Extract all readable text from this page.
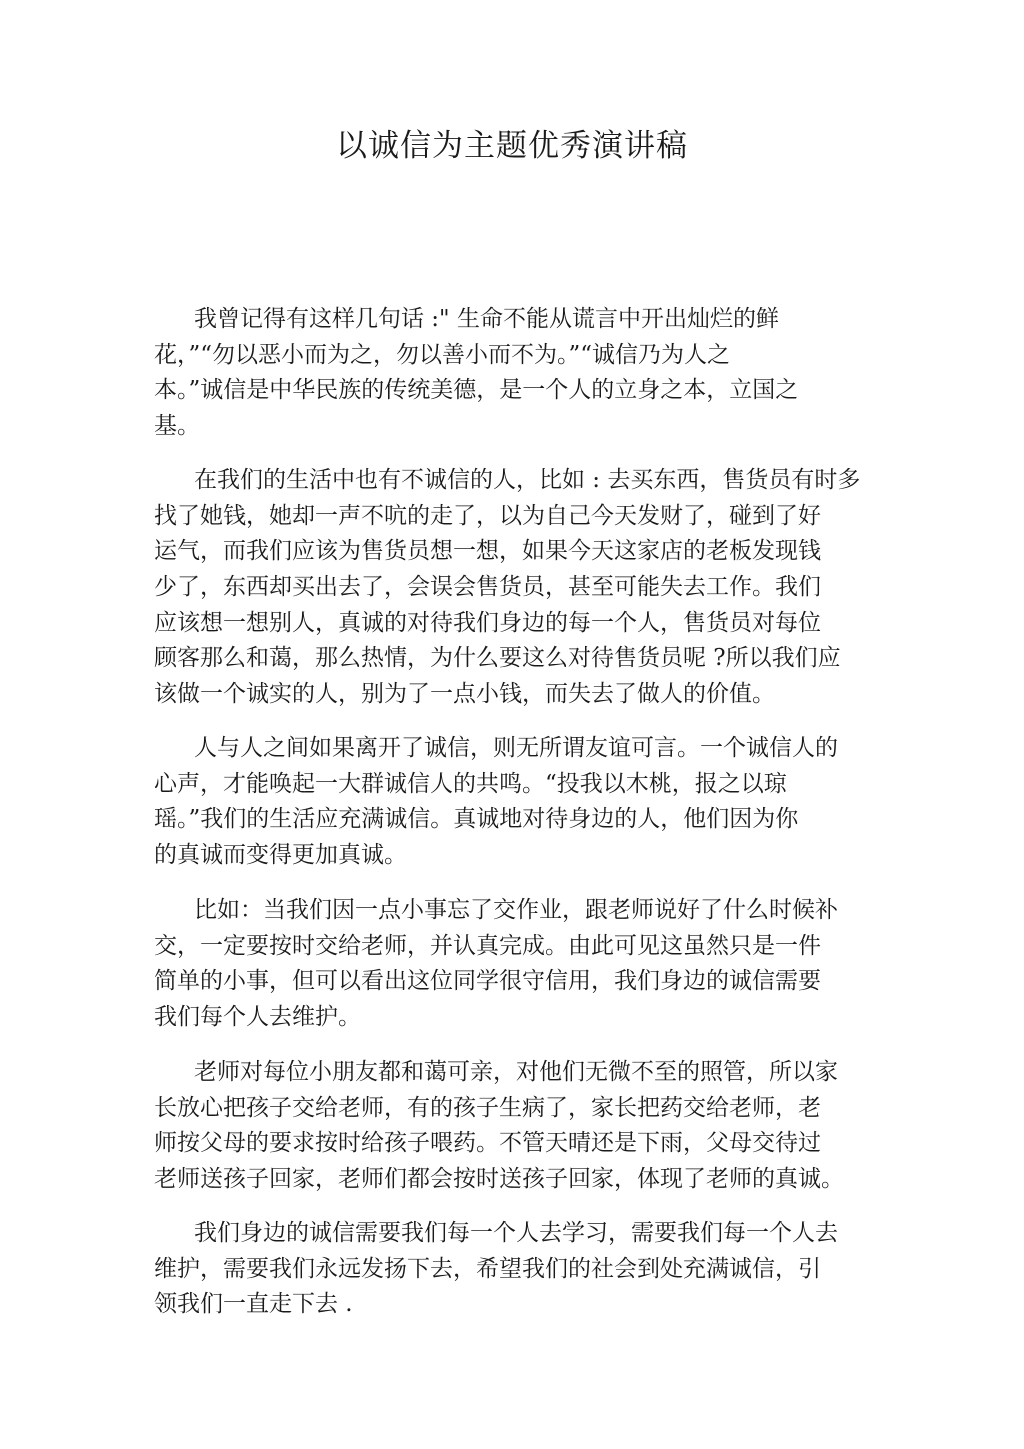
以诚信为主题优秀演讲稿
我曾记得有这样几句话 :" 生命不能从谎言中开出灿烂的鲜
花，”“勿以恶小而为之，勿以善小而不为。”“诚信乃为人之
本。”诚信是中华民族的传统美德，是一个人的立身之本，立国之
基。
在我们的生活中也有不诚信的人，比如 : 去买东西，售货员有时多
找了她钱，她却一声不吭的走了，以为自己今天发财了，碰到了好
运气，而我们应该为售货员想一想，如果今天这家店的老板发现钱
少了，东西却买出去了，会误会售货员，甚至可能失去工作。我们
应该想一想别人，真诚的对待我们身边的每一个人，售货员对每位
顾客那么和蔼，那么热情，为什么要这么对待售货员呢 ?所以我们应
该做一个诚实的人，别为了一点小钱，而失去了做人的价值。
人与人之间如果离开了诚信，则无所谓友谊可言。一个诚信人的
心声，才能唤起一大群诚信人的共鸣。“投我以木桃，报之以琼
瑶。”我们的生活应充满诚信。真诚地对待身边的人，他们因为你
的真诚而变得更加真诚。
比如：当我们因一点小事忘了交作业，跟老师说好了什么时候补
交，一定要按时交给老师，并认真完成。由此可见这虽然只是一件
简单的小事，但可以看出这位同学很守信用，我们身边的诚信需要
我们每个人去维护。
老师对每位小朋友都和蔼可亲，对他们无微不至的照管，所以家
长放心把孩子交给老师，有的孩子生病了，家长把药交给老师，老
师按父母的要求按时给孩子喂药。不管天晴还是下雨，父母交待过
老师送孩子回家，老师们都会按时送孩子回家，体现了老师的真诚。
我们身边的诚信需要我们每一个人去学习，需要我们每一个人去
维护，需要我们永远发扬下去，希望我们的社会到处充满诚信，引
领我们一直走下去 .
